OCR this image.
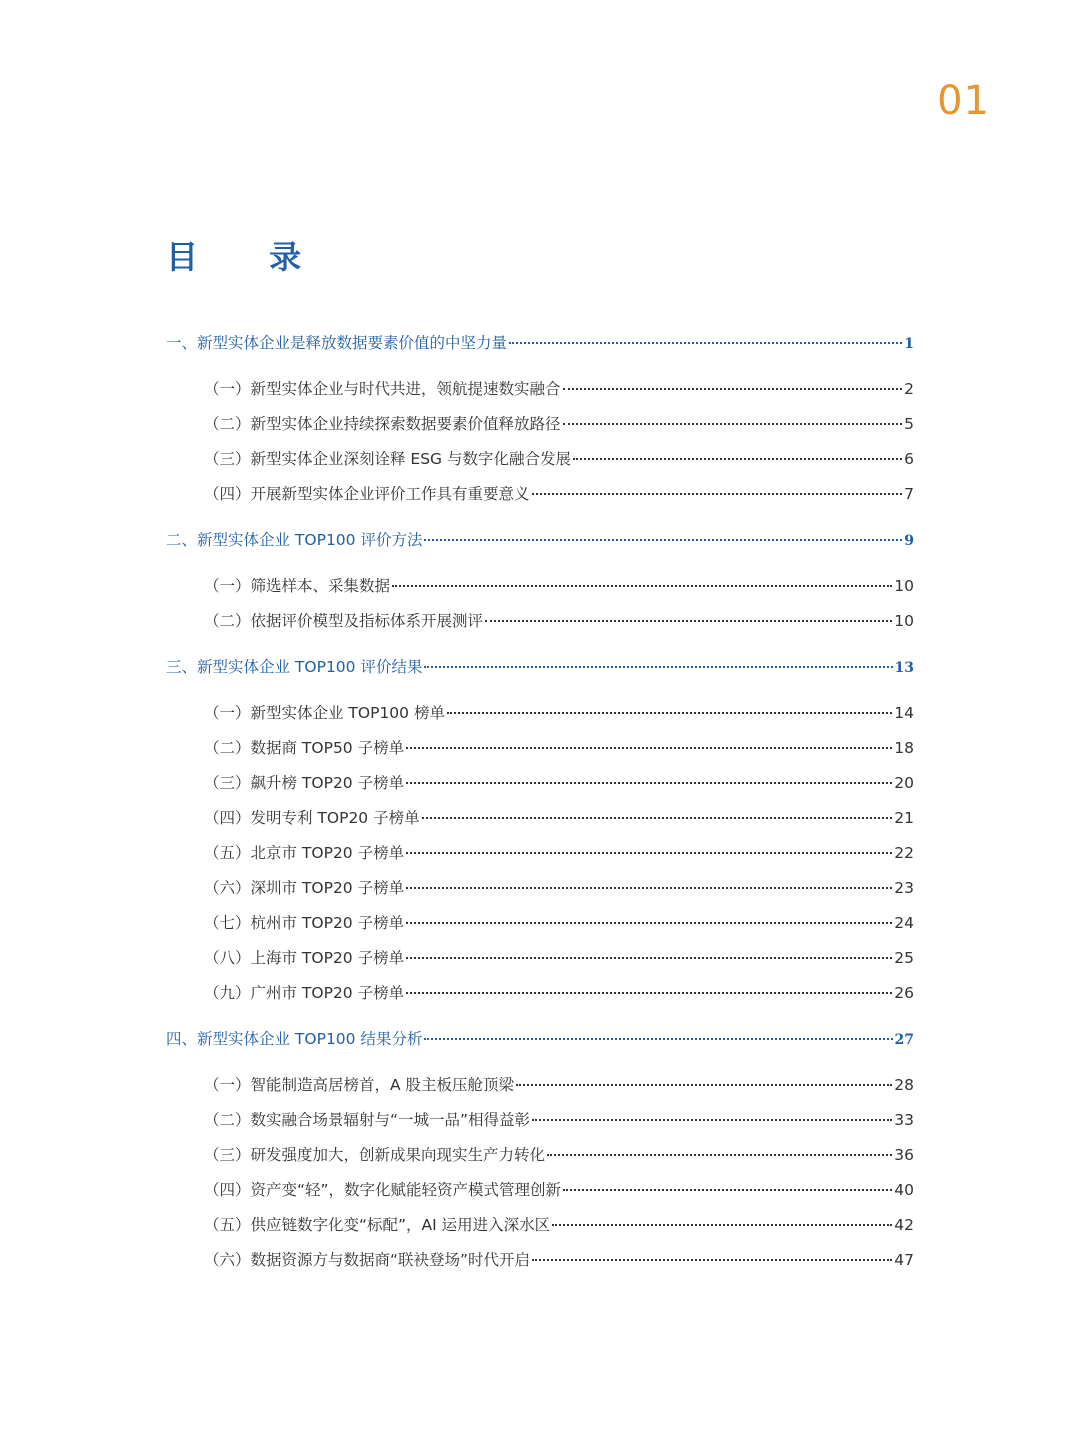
01
目 录
一、新型实体企业是释放数据要素价值的中坚力量	1
（一）新型实体企业与时代共进，领航提速数实融合	2
（二）新型实体企业持续探索数据要素价值释放路径	5
（三）新型实体企业深刻诠释 ESG 与数字化融合发展	6
（四）开展新型实体企业评价工作具有重要意义	7
二、新型实体企业 TOP100 评价方法	9
（一）筛选样本、采集数据	10
（二）依据评价模型及指标体系开展测评	10
三、新型实体企业 TOP100 评价结果	13
（一）新型实体企业 TOP100 榜单	14
（二）数据商 TOP50 子榜单	18
（三）飙升榜 TOP20 子榜单	20
（四）发明专利 TOP20 子榜单	21
（五）北京市 TOP20 子榜单	22
（六）深圳市 TOP20 子榜单	23
（七）杭州市 TOP20 子榜单	24
（八）上海市 TOP20 子榜单	25
（九）广州市 TOP20 子榜单	26
四、新型实体企业 TOP100 结果分析	27
（一）智能制造高居榜首，A 股主板压舱顶梁	28
（二）数实融合场景辐射与“一城一品”相得益彰	33
（三）研发强度加大，创新成果向现实生产力转化	36
（四）资产变“轻”，数字化赋能轻资产模式管理创新	40
（五）供应链数字化变“标配”，AI 运用进入深水区	42
（六）数据资源方与数据商“联袂登场”时代开启	47
